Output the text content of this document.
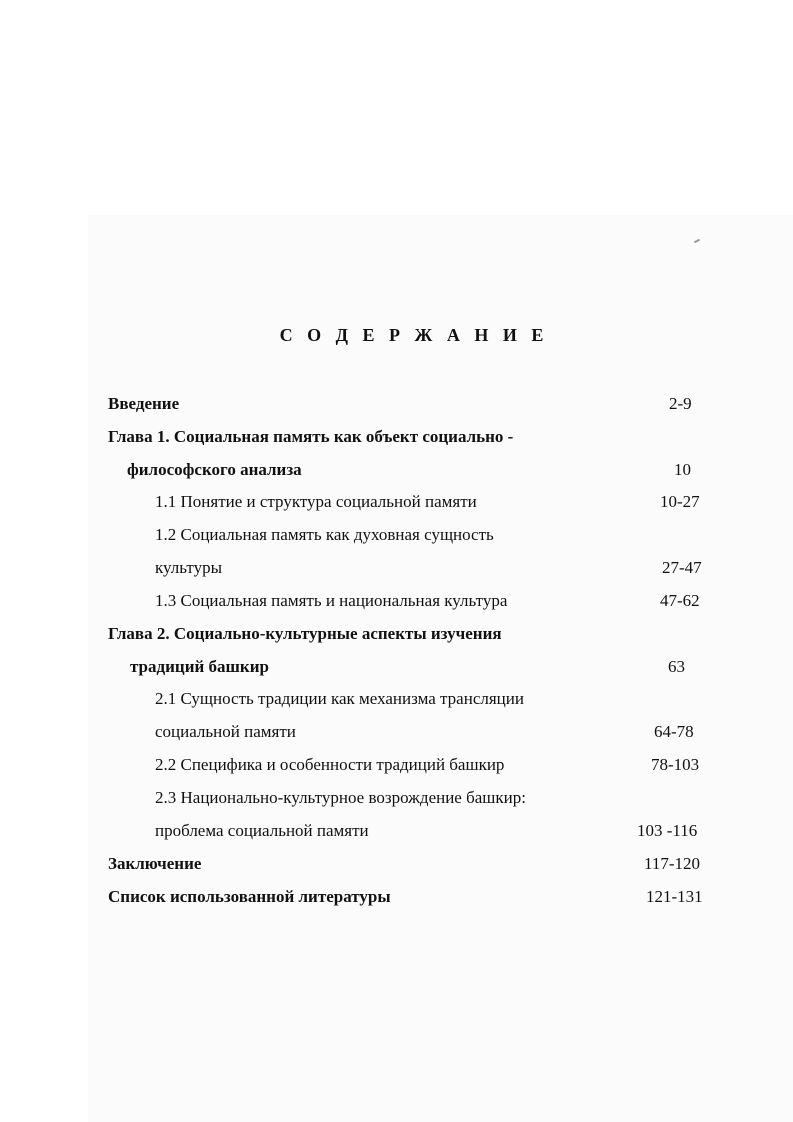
С О Д Е Р Ж А Н И Е
Введение	2-9
Глава 1. Социальная память как объект социально -
философского анализа	10
1.1 Понятие и структура социальной памяти	10-27
1.2 Социальная память как духовная сущность
культуры	27-47
1.3 Социальная память и национальная культура	47-62
Глава 2. Социально-культурные аспекты изучения
традиций башкир	63
2.1 Сущность традиции как механизма трансляции
социальной памяти	64-78
2.2 Специфика и особенности традиций башкир	78-103
2.3 Национально-культурное возрождение башкир:
проблема социальной памяти	103 -116
Заключение	117-120
Список использованной литературы	121-131
